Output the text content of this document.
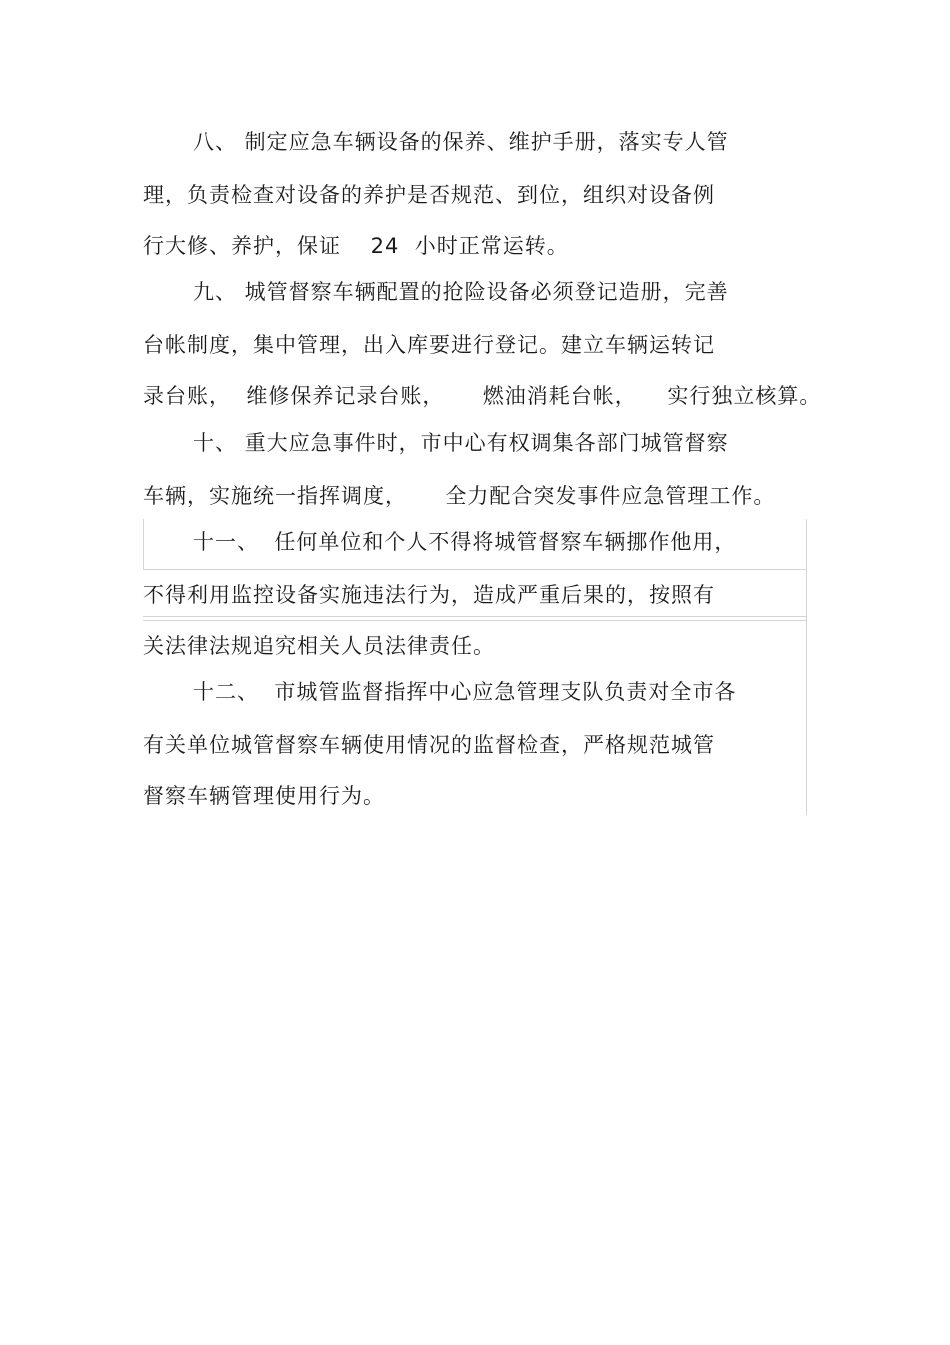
八、 制定应急车辆设备的保养、维护手册，落实专人管
理，负责检查对设备的养护是否规范、到位，组织对设备例
行大修、养护，保证　 24  小时正常运转。
九、 城管督察车辆配置的抢险设备必须登记造册，完善
台帐制度，集中管理，出入库要进行登记。建立车辆运转记
录台账，  维修保养记录台账，     燃油消耗台帐，    实行独立核算。
十、 重大应急事件时，市中心有权调集各部门城管督察
车辆，实施统一指挥调度，     全力配合突发事件应急管理工作。
十一、  任何单位和个人不得将城管督察车辆挪作他用，
不得利用监控设备实施违法行为，造成严重后果的，按照有
关法律法规追究相关人员法律责任。
十二、  市城管监督指挥中心应急管理支队负责对全市各
有关单位城管督察车辆使用情况的监督检查，严格规范城管
督察车辆管理使用行为。
